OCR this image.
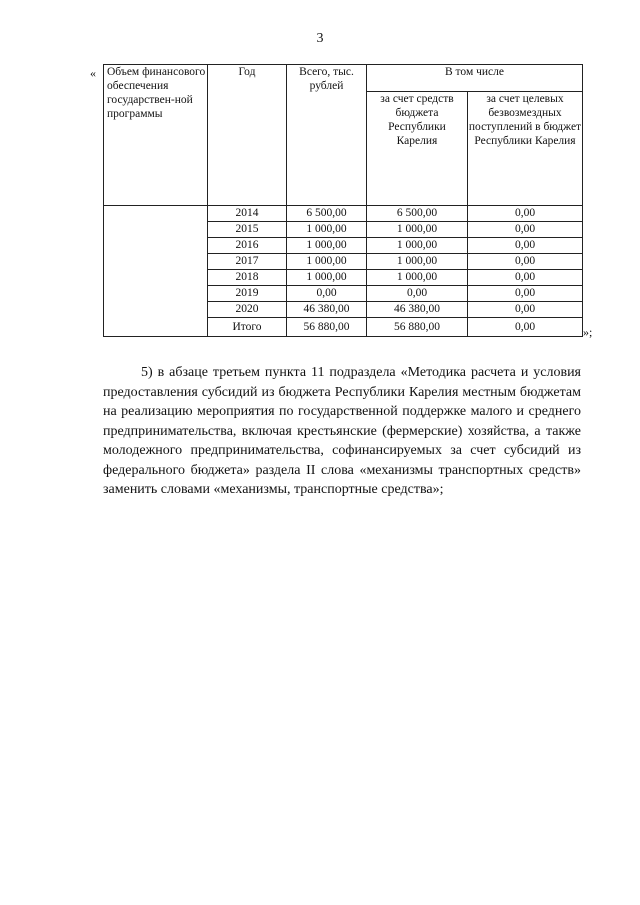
3
« Объем финансового обеспечения государствен-ной программы	Год	Всего, тыс. рублей	В том числе	
			за счет средств бюджета Республики Карелия	за счет целевых безвозмездных поступлений в бюджет Республики Карелия
	2014	6 500,00	6 500,00	0,00
	2015	1 000,00	1 000,00	0,00
	2016	1 000,00	1 000,00	0,00
	2017	1 000,00	1 000,00	0,00
	2018	1 000,00	1 000,00	0,00
	2019	0,00	0,00	0,00
	2020	46 380,00	46 380,00	0,00
	Итого	56 880,00	56 880,00	0,00	»;

5) в абзаце третьем пункта 11 подраздела «Методика расчета и условия предоставления субсидий из бюджета Республики Карелия местным бюджетам на реализацию мероприятия по государственной поддержке малого и среднего предпринимательства, включая крестьянские (фермерские) хозяйства, а также молодежного предпринимательства, софинансируемых за счет субсидий из федерального бюджета» раздела II слова «механизмы транспортных средств» заменить словами «механизмы, транспортные средства»;
